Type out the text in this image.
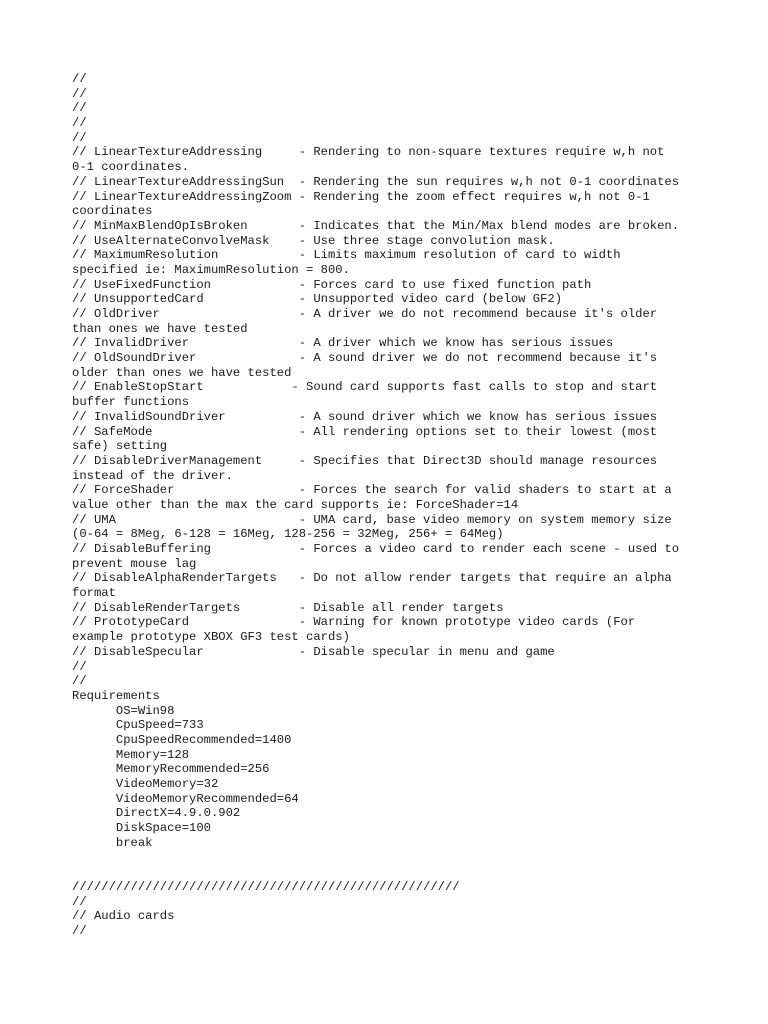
//
//
//
//
//
// LinearTextureAddressing     - Rendering to non-square textures require w,h not
0-1 coordinates.
// LinearTextureAddressingSun  - Rendering the sun requires w,h not 0-1 coordinates
// LinearTextureAddressingZoom - Rendering the zoom effect requires w,h not 0-1
coordinates
// MinMaxBlendOpIsBroken       - Indicates that the Min/Max blend modes are broken.
// UseAlternateConvolveMask    - Use three stage convolution mask.
// MaximumResolution           - Limits maximum resolution of card to width
specified ie: MaximumResolution = 800.
// UseFixedFunction            - Forces card to use fixed function path
// UnsupportedCard             - Unsupported video card (below GF2)
// OldDriver                   - A driver we do not recommend because it's older
than ones we have tested
// InvalidDriver               - A driver which we know has serious issues
// OldSoundDriver              - A sound driver we do not recommend because it's
older than ones we have tested
// EnableStopStart            - Sound card supports fast calls to stop and start
buffer functions
// InvalidSoundDriver          - A sound driver which we know has serious issues
// SafeMode                    - All rendering options set to their lowest (most
safe) setting
// DisableDriverManagement     - Specifies that Direct3D should manage resources
instead of the driver.
// ForceShader                 - Forces the search for valid shaders to start at a
value other than the max the card supports ie: ForceShader=14
// UMA                         - UMA card, base video memory on system memory size
(0-64 = 8Meg, 6-128 = 16Meg, 128-256 = 32Meg, 256+ = 64Meg)
// DisableBuffering            - Forces a video card to render each scene - used to
prevent mouse lag
// DisableAlphaRenderTargets   - Do not allow render targets that require an alpha
format
// DisableRenderTargets        - Disable all render targets
// PrototypeCard               - Warning for known prototype video cards (For
example prototype XBOX GF3 test cards)
// DisableSpecular             - Disable specular in menu and game
//
//
Requirements
OS=Win98
CpuSpeed=733
CpuSpeedRecommended=1400
Memory=128
MemoryRecommended=256
VideoMemory=32
VideoMemoryRecommended=64
DirectX=4.9.0.902
DiskSpace=100
break
/////////////////////////////////////////////////////
//
// Audio cards
//
